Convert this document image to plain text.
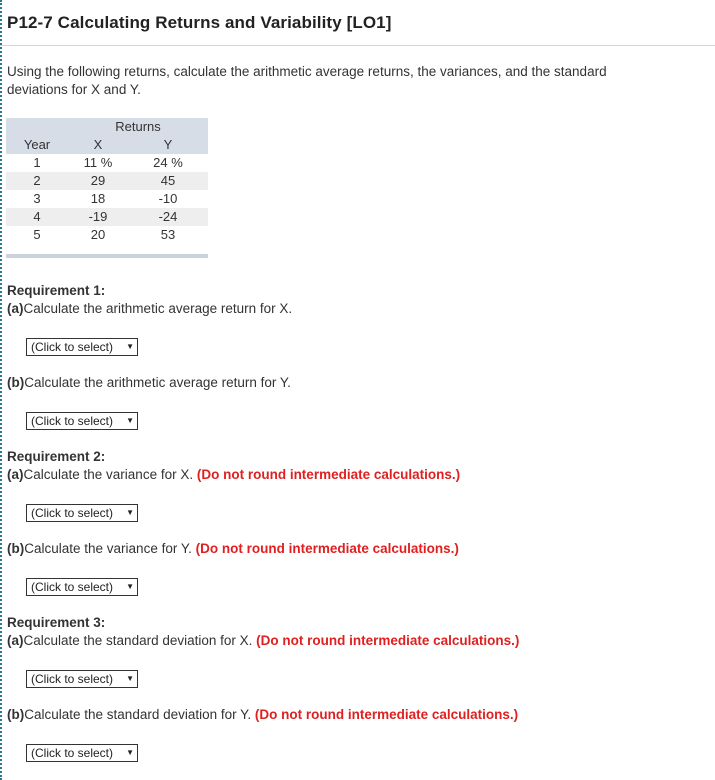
P12-7 Calculating Returns and Variability [LO1]

Using the following returns, calculate the arithmetic average returns, the variances, and the standard deviations for X and Y.

	Returns	
Year	X	Y
1	11 %	24 %
2	29	45
3	18	-10
4	-19	-24
5	20	53

Requirement 1:

(a)Calculate the arithmetic average return for X.

(Click to select) ▼

(b)Calculate the arithmetic average return for Y.

(Click to select) ▼

Requirement 2:

(a)Calculate the variance for X. (Do not round intermediate calculations.)

(Click to select) ▼

(b)Calculate the variance for Y. (Do not round intermediate calculations.)

(Click to select) ▼

Requirement 3:

(a)Calculate the standard deviation for X. (Do not round intermediate calculations.)

(Click to select) ▼

(b)Calculate the standard deviation for Y. (Do not round intermediate calculations.)

(Click to select) ▼
